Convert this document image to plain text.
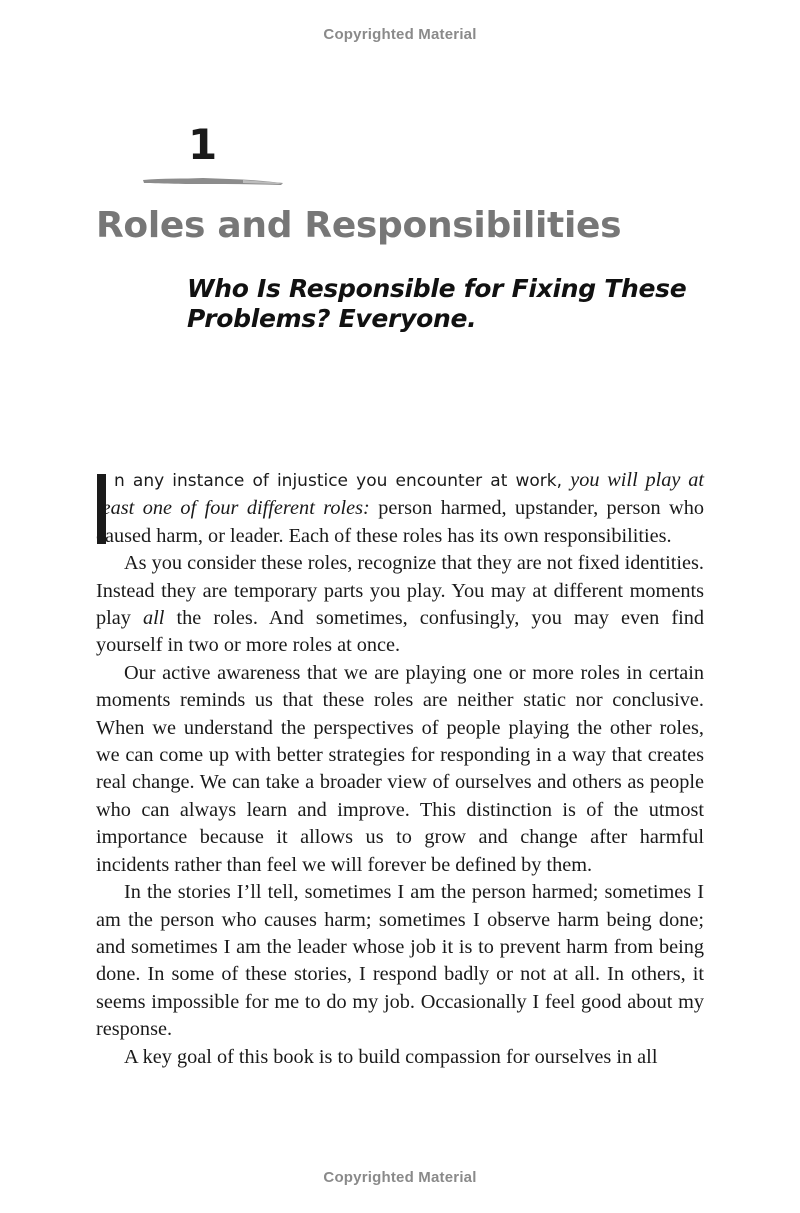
Copyrighted Material
1
Roles and Responsibilities
Who Is Responsible for Fixing These
Problems? Everyone.

n any instance of injustice you encounter at work, you will play at least one of four different roles: person harmed, upstander, person who caused harm, or leader. Each of these roles has its own responsibilities.

As you consider these roles, recognize that they are not fixed identities. Instead they are temporary parts you play. You may at different moments play all the roles. And sometimes, confusingly, you may even find yourself in two or more roles at once.

Our active awareness that we are playing one or more roles in certain moments reminds us that these roles are neither static nor conclusive. When we understand the perspectives of people playing the other roles, we can come up with better strategies for responding in a way that creates real change. We can take a broader view of ourselves and others as people who can always learn and improve. This distinction is of the utmost importance because it allows us to grow and change after harmful incidents rather than feel we will forever be defined by them.

In the stories I’ll tell, sometimes I am the person harmed; sometimes I am the person who causes harm; sometimes I observe harm being done; and sometimes I am the leader whose job it is to prevent harm from being done. In some of these stories, I respond badly or not at all. In others, it seems impossible for me to do my job. Occasionally I feel good about my response.

A key goal of this book is to build compassion for ourselves in all

Copyrighted Material
